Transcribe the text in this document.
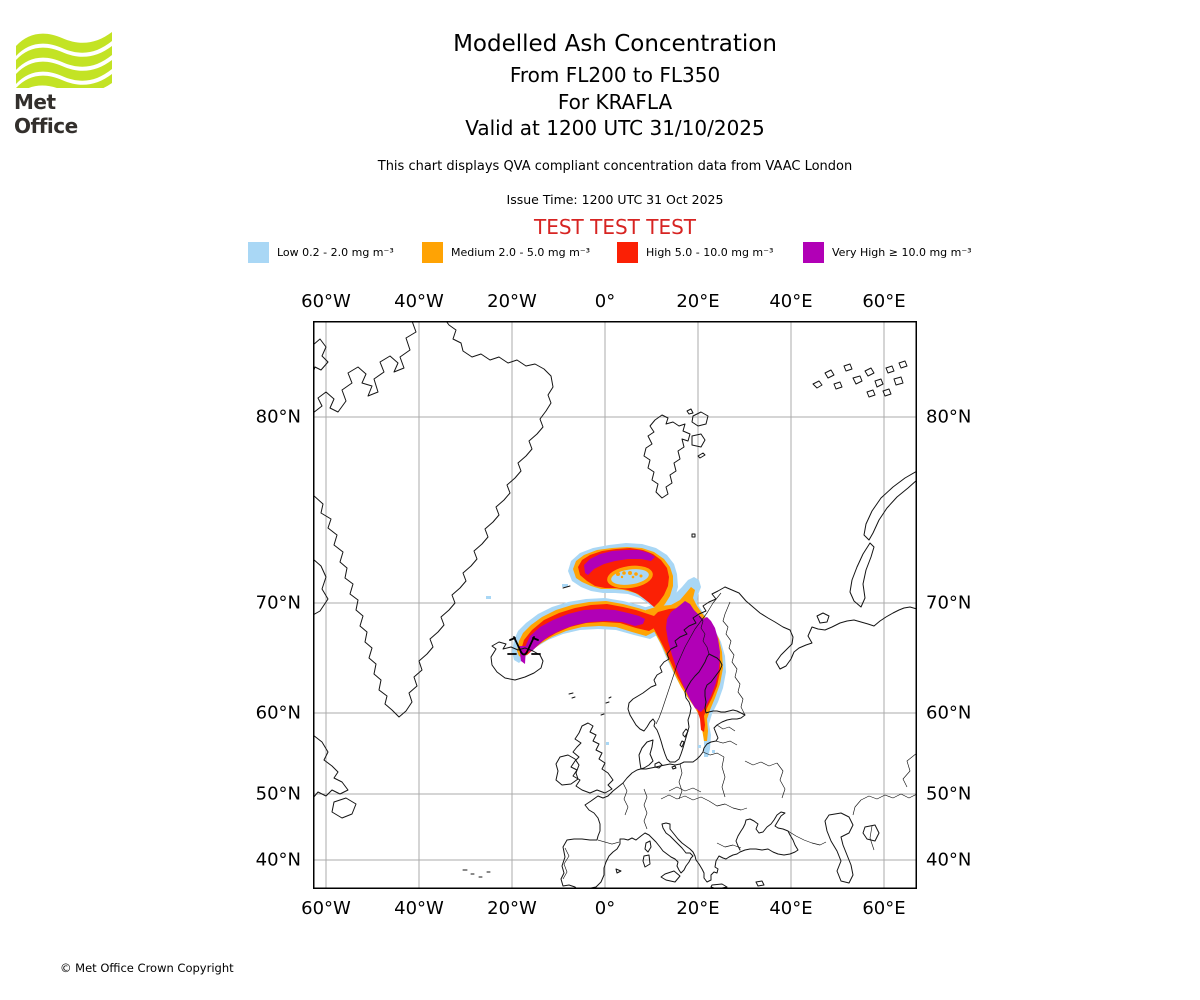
Met Office
Modelled Ash Concentration
From FL200 to FL350
For KRAFLA
Valid at 1200 UTC 31/10/2025
This chart displays QVA compliant concentration data from VAAC London
Issue Time: 1200 UTC 31 Oct 2025
TEST TEST TEST
Low 0.2 - 2.0 mg m⁻³	Medium 2.0 - 5.0 mg m⁻³	High 5.0 - 10.0 mg m⁻³	Very High ≥ 10.0 mg m⁻³
60°W 40°W 20°W	0°	20°E	40°E	60°E
60°W 40°W 20°W	0°	20°E	40°E	60°E
80°N
70°N
60°N
50°N
40°N
80°N
70°N
60°N
50°N
40°N
© Met Office Crown Copyright
